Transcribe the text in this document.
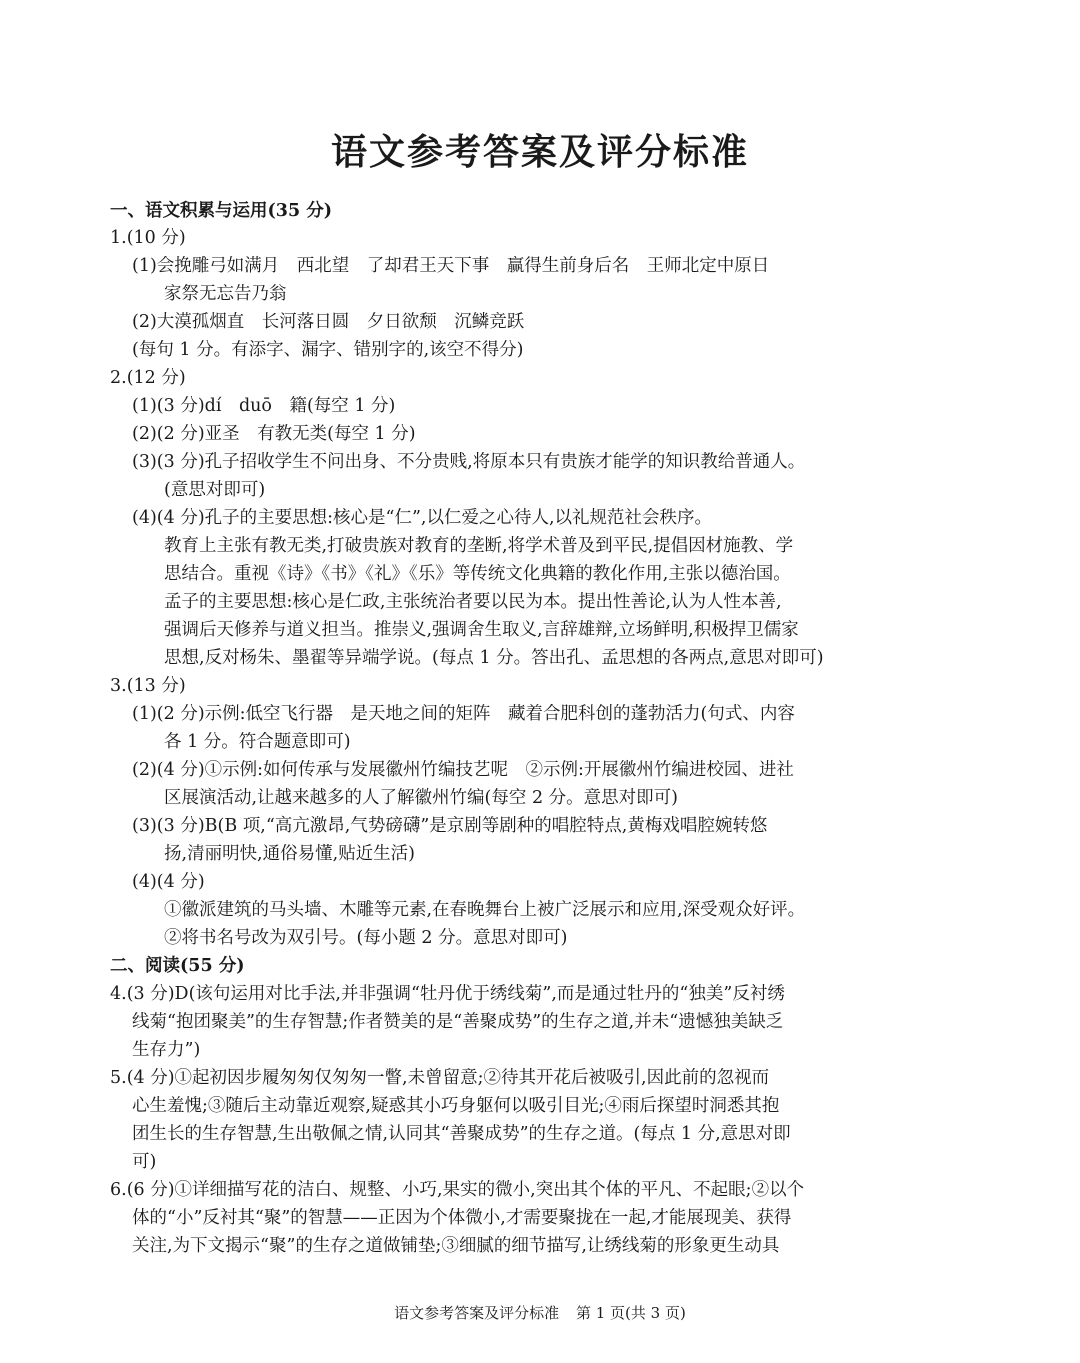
语文参考答案及评分标准
一、语文积累与运用(35 分)
1.(10 分)
(1)会挽雕弓如满月　西北望　了却君王天下事　赢得生前身后名　王师北定中原日
家祭无忘告乃翁
(2)大漠孤烟直　长河落日圆　夕日欲颓　沉鳞竞跃
(每句 1 分。有添字、漏字、错别字的,该空不得分)
2.(12 分)
(1)(3 分)dí　duō　籍(每空 1 分)
(2)(2 分)亚圣　有教无类(每空 1 分)
(3)(3 分)孔子招收学生不问出身、不分贵贱,将原本只有贵族才能学的知识教给普通人。
(意思对即可)
(4)(4 分)孔子的主要思想:核心是“仁”,以仁爱之心待人,以礼规范社会秩序。
教育上主张有教无类,打破贵族对教育的垄断,将学术普及到平民,提倡因材施教、学
思结合。重视《诗》《书》《礼》《乐》等传统文化典籍的教化作用,主张以德治国。
孟子的主要思想:核心是仁政,主张统治者要以民为本。提出性善论,认为人性本善,
强调后天修养与道义担当。推崇义,强调舍生取义,言辞雄辩,立场鲜明,积极捍卫儒家
思想,反对杨朱、墨翟等异端学说。(每点 1 分。答出孔、孟思想的各两点,意思对即可)
3.(13 分)
(1)(2 分)示例:低空飞行器　是天地之间的矩阵　藏着合肥科创的蓬勃活力(句式、内容
各 1 分。符合题意即可)
(2)(4 分)①示例:如何传承与发展徽州竹编技艺呢　②示例:开展徽州竹编进校园、进社
区展演活动,让越来越多的人了解徽州竹编(每空 2 分。意思对即可)
(3)(3 分)B(B 项,“高亢激昂,气势磅礴”是京剧等剧种的唱腔特点,黄梅戏唱腔婉转悠
扬,清丽明快,通俗易懂,贴近生活)
(4)(4 分)
①徽派建筑的马头墙、木雕等元素,在春晚舞台上被广泛展示和应用,深受观众好评。
②将书名号改为双引号。(每小题 2 分。意思对即可)
二、阅读(55 分)
4.(3 分)D(该句运用对比手法,并非强调“牡丹优于绣线菊”,而是通过牡丹的“独美”反衬绣
线菊“抱团聚美”的生存智慧;作者赞美的是“善聚成势”的生存之道,并未“遗憾独美缺乏
生存力”)
5.(4 分)①起初因步履匆匆仅匆匆一瞥,未曾留意;②待其开花后被吸引,因此前的忽视而
心生羞愧;③随后主动靠近观察,疑惑其小巧身躯何以吸引目光;④雨后探望时洞悉其抱
团生长的生存智慧,生出敬佩之情,认同其“善聚成势”的生存之道。(每点 1 分,意思对即
可)
6.(6 分)①详细描写花的洁白、规整、小巧,果实的微小,突出其个体的平凡、不起眼;②以个
体的“小”反衬其“聚”的智慧——正因为个体微小,才需要聚拢在一起,才能展现美、获得
关注,为下文揭示“聚”的生存之道做铺垫;③细腻的细节描写,让绣线菊的形象更生动具
语文参考答案及评分标准 第 1 页(共 3 页)
